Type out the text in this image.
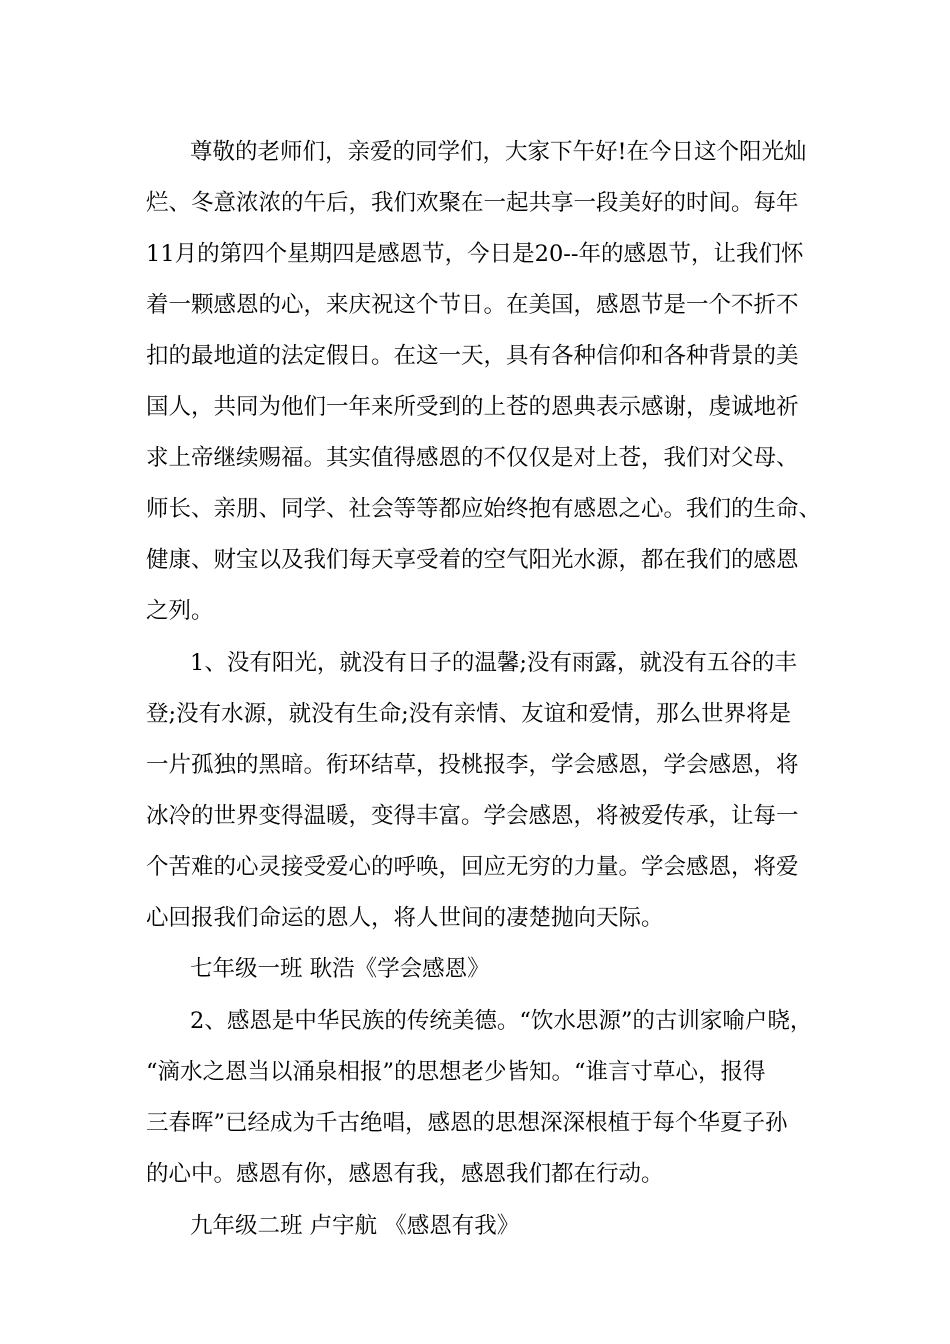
尊敬的老师们，亲爱的同学们，大家下午好!在今日这个阳光灿
烂、冬意浓浓的午后，我们欢聚在一起共享一段美好的时间。每年
11月的第四个星期四是感恩节，今日是20--年的感恩节，让我们怀
着一颗感恩的心，来庆祝这个节日。在美国，感恩节是一个不折不
扣的最地道的法定假日。在这一天，具有各种信仰和各种背景的美
国人，共同为他们一年来所受到的上苍的恩典表示感谢，虔诚地祈
求上帝继续赐福。其实值得感恩的不仅仅是对上苍，我们对父母、
师长、亲朋、同学、社会等等都应始终抱有感恩之心。我们的生命、
健康、财宝以及我们每天享受着的空气阳光水源，都在我们的感恩
之列。
1、没有阳光，就没有日子的温馨;没有雨露，就没有五谷的丰
登;没有水源，就没有生命;没有亲情、友谊和爱情，那么世界将是
一片孤独的黑暗。衔环结草，投桃报李，学会感恩，学会感恩，将
冰冷的世界变得温暖，变得丰富。学会感恩，将被爱传承，让每一
个苦难的心灵接受爱心的呼唤，回应无穷的力量。学会感恩，将爱
心回报我们命运的恩人，将人世间的凄楚抛向天际。
七年级一班 耿浩《学会感恩》
2、感恩是中华民族的传统美德。“饮水思源”的古训家喻户晓，
“滴水之恩当以涌泉相报”的思想老少皆知。“谁言寸草心，报得
三春晖”已经成为千古绝唱，感恩的思想深深根植于每个华夏子孙
的心中。感恩有你，感恩有我，感恩我们都在行动。
九年级二班 卢宇航 《感恩有我》
